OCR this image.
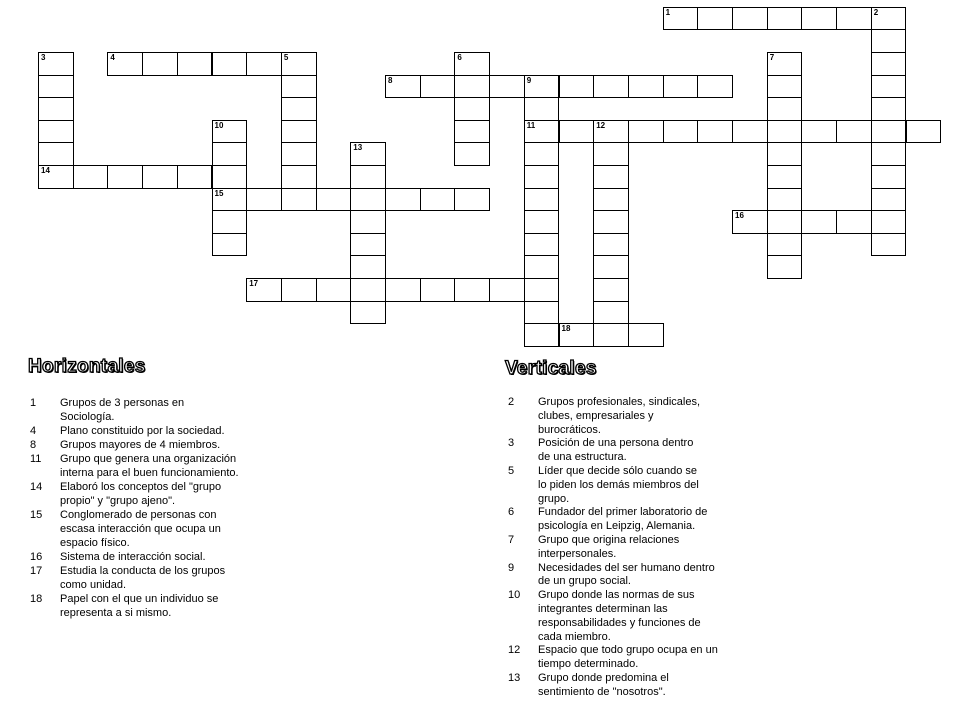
1	2
3
14
4	5	6	7
8	9
11
10
15
12
13
16
17
18
Horizontales
1	Grupos de 3 personas en
Sociología.
4	Plano constituido por la sociedad.
8	Grupos mayores de 4 miembros.
11	Grupo que genera una organización
interna para el buen funcionamiento.
14	Elaboró los conceptos del "grupo
propio" y "grupo ajeno".
15	Conglomerado de personas con
escasa interacción que ocupa un
espacio físico.
16	Sistema de interacción social.
17	Estudia la conducta de los grupos
como unidad.
18	Papel con el que un individuo se
representa a si mismo.
Verticales
2	Grupos profesionales, sindicales,
clubes, empresariales y
burocráticos.
3	Posición de una persona dentro
de una estructura.
5	Líder que decide sólo cuando se
lo piden los demás miembros del
grupo.
6	Fundador del primer laboratorio de
psicología en Leipzig, Alemania.
7	Grupo que origina relaciones
interpersonales.
9	Necesidades del ser humano dentro
de un grupo social.
10	Grupo donde las normas de sus
integrantes determinan las
responsabilidades y funciones de
cada miembro.
12	Espacio que todo grupo ocupa en un
tiempo determinado.
13	Grupo donde predomina el
sentimiento de "nosotros".
